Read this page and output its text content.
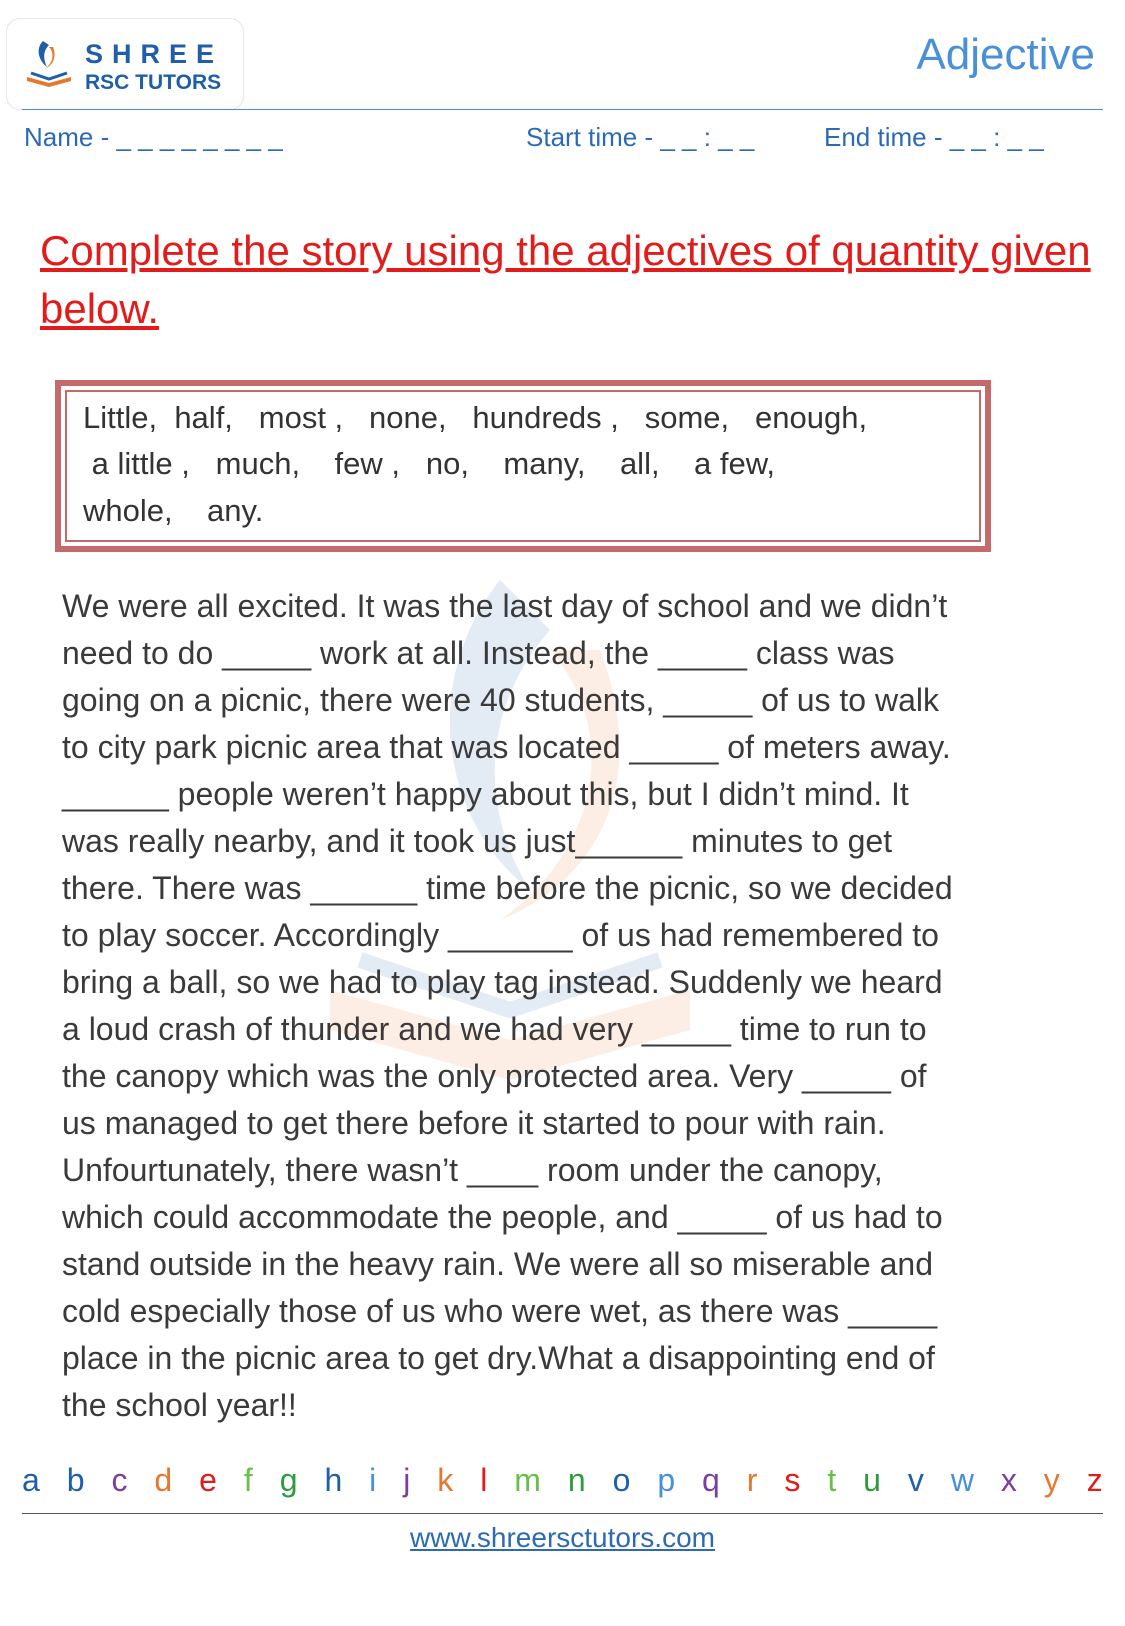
SHREE
RSC TUTORS
Adjective
Name - _ _ _ _ _ _ _ _	Start time - _ _ : _ _	End time - _ _ : _ _
Complete the story using the adjectives of quantity given below.
Little,  half,   most ,   none,   hundreds ,   some,   enough,
a little ,   much,    few ,   no,    many,    all,    a few,
whole,    any.
We were all excited. It was the last day of school and we didn’t
need to do _____ work at all. Instead, the _____ class was
going on a picnic, there were 40 students, _____ of us to walk
to city park picnic area that was located _____ of meters away.
______ people weren’t happy about this, but I didn’t mind. It
was really nearby, and it took us just______ minutes to get
there. There was ______ time before the picnic, so we decided
to play soccer. Accordingly _______ of us had remembered to
bring a ball, so we had to play tag instead. Suddenly we heard
a loud crash of thunder and we had very _____ time to run to
the canopy which was the only protected area. Very _____ of
us managed to get there before it started to pour with rain.
Unfourtunately, there wasn’t ____ room under the canopy,
which could accommodate the people, and _____ of us had to
stand outside in the heavy rain. We were all so miserable and
cold especially those of us who were wet, as there was _____
place in the picnic area to get dry.What a disappointing end of
the school year!!
a b c d e f g h i j k l m n o p q r s t u v w x y z
www.shreersctutors.com
